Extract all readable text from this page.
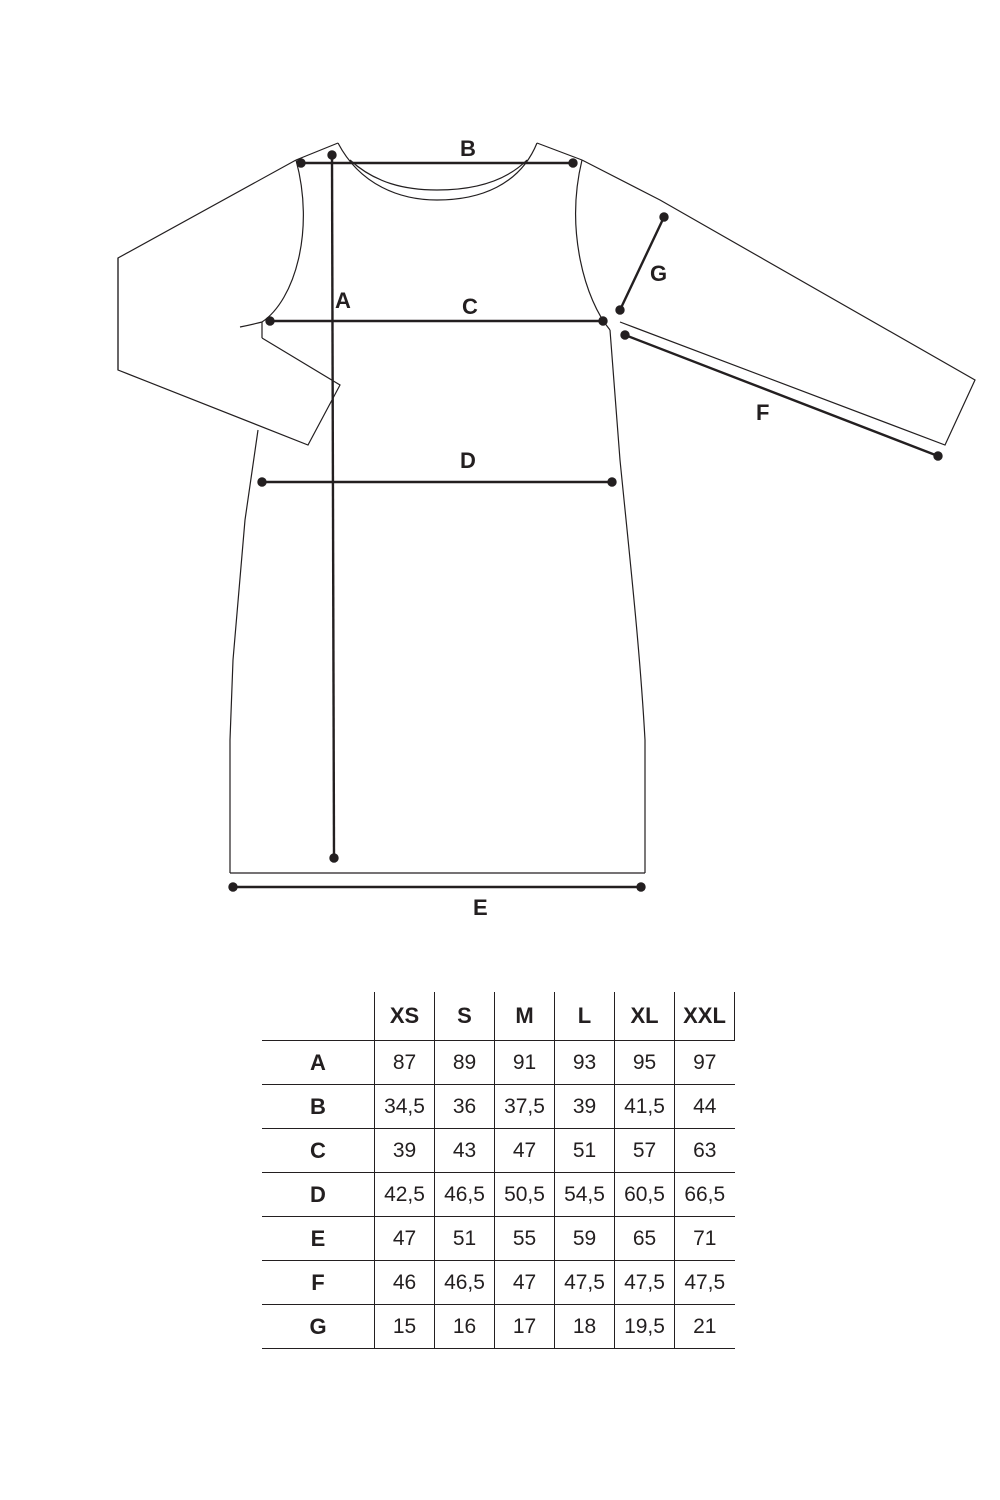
A
B
C
D
E
F
G
	XS	S	M	L	XL	XXL
A	87	89	91	93	95	97
B	34,5	36	37,5	39	41,5	44
C	39	43	47	51	57	63
D	42,5	46,5	50,5	54,5	60,5	66,5
E	47	51	55	59	65	71
F	46	46,5	47	47,5	47,5	47,5
G	15	16	17	18	19,5	21
